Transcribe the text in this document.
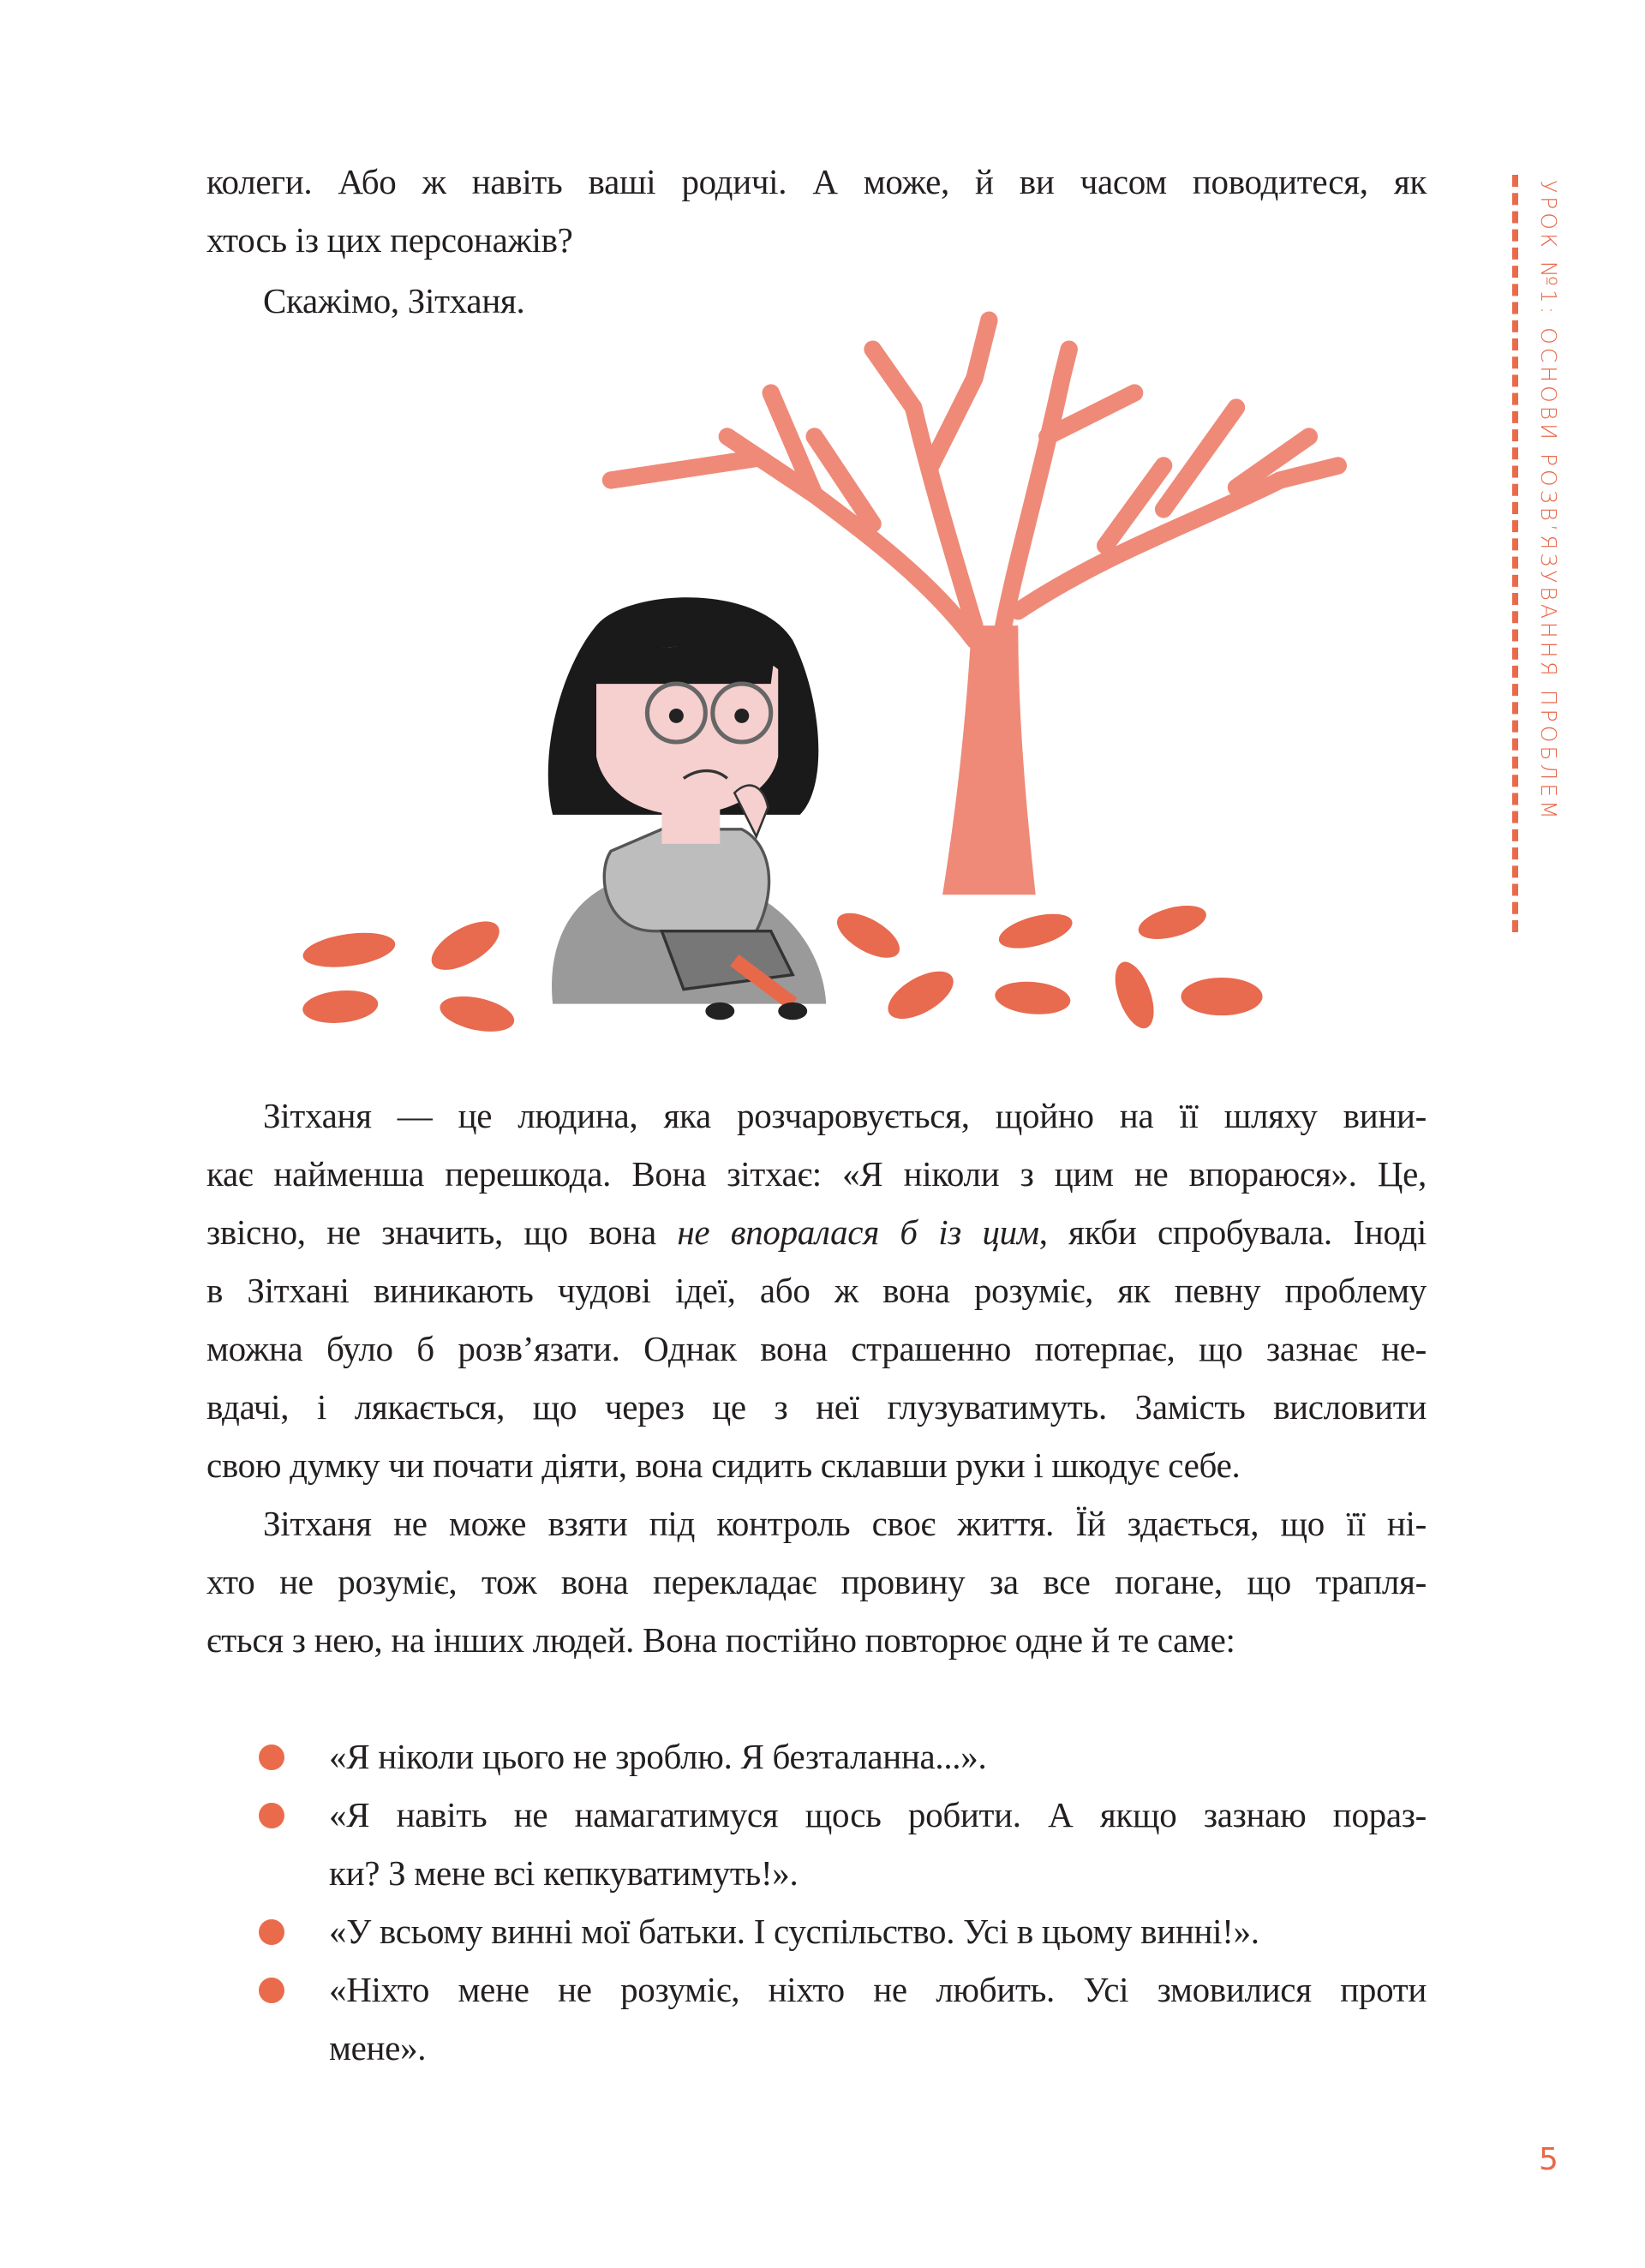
УРОК №1: ОСНОВИ РОЗВ’ЯЗУВАННЯ ПРОБЛЕМ
колеги. Або ж навіть ваші родичі. А може, й ви часом поводитеся, як
хтось із цих персонажів?
Скажімо, Зітханя.
Зітханя — це людина, яка розчаровується, щойно на її шляху вини-
кає найменша перешкода. Вона зітхає: «Я ніколи з цим не впораюся». Це,
звісно, не значить, що вона не впоралася б із цим, якби спробувала. Іноді
в Зітхані виникають чудові ідеї, або ж вона розуміє, як певну проблему
можна було б розв’язати. Однак вона страшенно потерпає, що зазнає не-
вдачі, і лякається, що через це з неї глузуватимуть. Замість висловити
свою думку чи почати діяти, вона сидить склавши руки і шкодує себе.
Зітханя не може взяти під контроль своє життя. Їй здається, що її ні-
хто не розуміє, тож вона перекладає провину за все погане, що трапля-
ється з нею, на інших людей. Вона постійно повторює одне й те саме:
«Я ніколи цього не зроблю. Я безталанна...».
«Я навіть не намагатимуся щось робити. А якщо зазнаю пораз-
ки? З мене всі кепкуватимуть!».
«У всьому винні мої батьки. І суспільство. Усі в цьому винні!».
«Ніхто мене не розуміє, ніхто не любить. Усі змовилися проти
мене».
5
